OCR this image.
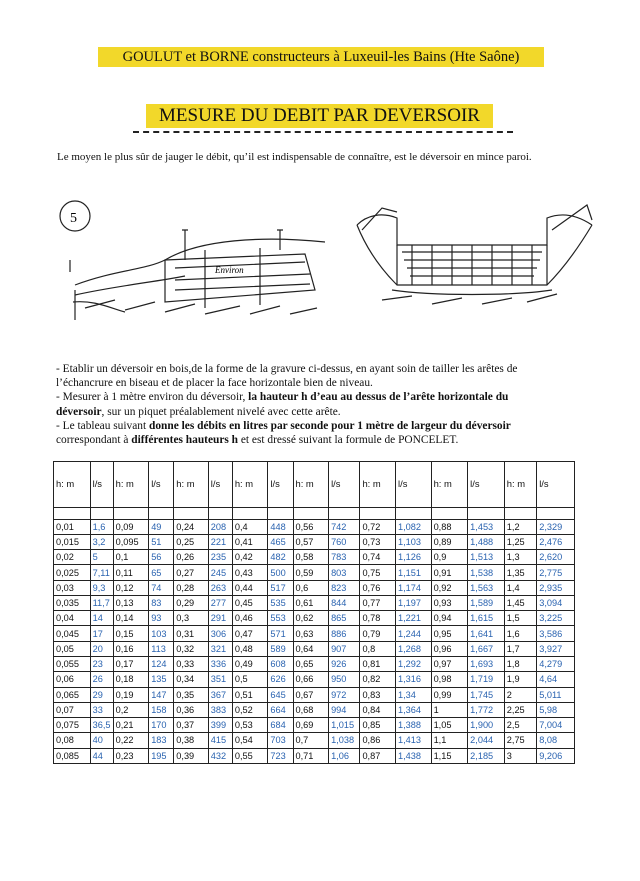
GOULUT et BORNE constructeurs à Luxeuil-les Bains (Hte Saône)
MESURE DU DEBIT PAR DEVERSOIR
Le moyen le plus sûr de jauger le débit, qu’il est indispensable de connaître, est le déversoir en mince paroi.
5
Environ

- Etablir un déversoir en bois,de la forme de la gravure ci-dessus, en ayant soin de tailler les arêtes de l’échancrure en biseau et de placer la face horizontale bien de niveau.

- Mesurer à 1 mètre environ du déversoir, la hauteur h d’eau au dessus de l’arête horizontale du déversoir, sur un piquet préalablement nivelé avec cette arête.

- Le tableau suivant donne les débits en litres par seconde pour 1 mètre de largeur du déversoir correspondant à différentes hauteurs h et est dressé suivant la formule de PONCELET.

h: m	l/s	h: m	l/s	h: m	l/s	h: m	l/s	h: m	l/s	h: m	l/s	h: m	l/s	h: m	l/s

0,01	1,6	0,09	49	0,24	208	0,4	448	0,56	742	0,72	1,082	0,88	1,453	1,2	2,329
0,015	3,2	0,095	51	0,25	221	0,41	465	0,57	760	0,73	1,103	0,89	1,488	1,25	2,476
0,02	5	0,1	56	0,26	235	0,42	482	0,58	783	0,74	1,126	0,9	1,513	1,3	2,620
0,025	7,11	0,11	65	0,27	245	0,43	500	0,59	803	0,75	1,151	0,91	1,538	1,35	2,775
0,03	9,3	0,12	74	0,28	263	0,44	517	0,6	823	0,76	1,174	0,92	1,563	1,4	2,935
0,035	11,7	0,13	83	0,29	277	0,45	535	0,61	844	0,77	1,197	0,93	1,589	1,45	3,094
0,04	14	0,14	93	0,3	291	0,46	553	0,62	865	0,78	1,221	0,94	1,615	1,5	3,225
0,045	17	0,15	103	0,31	306	0,47	571	0,63	886	0,79	1,244	0,95	1,641	1,6	3,586
0,05	20	0,16	113	0,32	321	0,48	589	0,64	907	0,8	1,268	0,96	1,667	1,7	3,927
0,055	23	0,17	124	0,33	336	0,49	608	0,65	926	0,81	1,292	0,97	1,693	1,8	4,279
0,06	26	0,18	135	0,34	351	0,5	626	0,66	950	0,82	1,316	0,98	1,719	1,9	4,64
0,065	29	0,19	147	0,35	367	0,51	645	0,67	972	0,83	1,34	0,99	1,745	2	5,011
0,07	33	0,2	158	0,36	383	0,52	664	0,68	994	0,84	1,364	1	1,772	2,25	5,98
0,075	36,5	0,21	170	0,37	399	0,53	684	0,69	1,015	0,85	1,388	1,05	1,900	2,5	7,004
0,08	40	0,22	183	0,38	415	0,54	703	0,7	1,038	0,86	1,413	1,1	2,044	2,75	8,08
0,085	44	0,23	195	0,39	432	0,55	723	0,71	1,06	0,87	1,438	1,15	2,185	3	9,206
